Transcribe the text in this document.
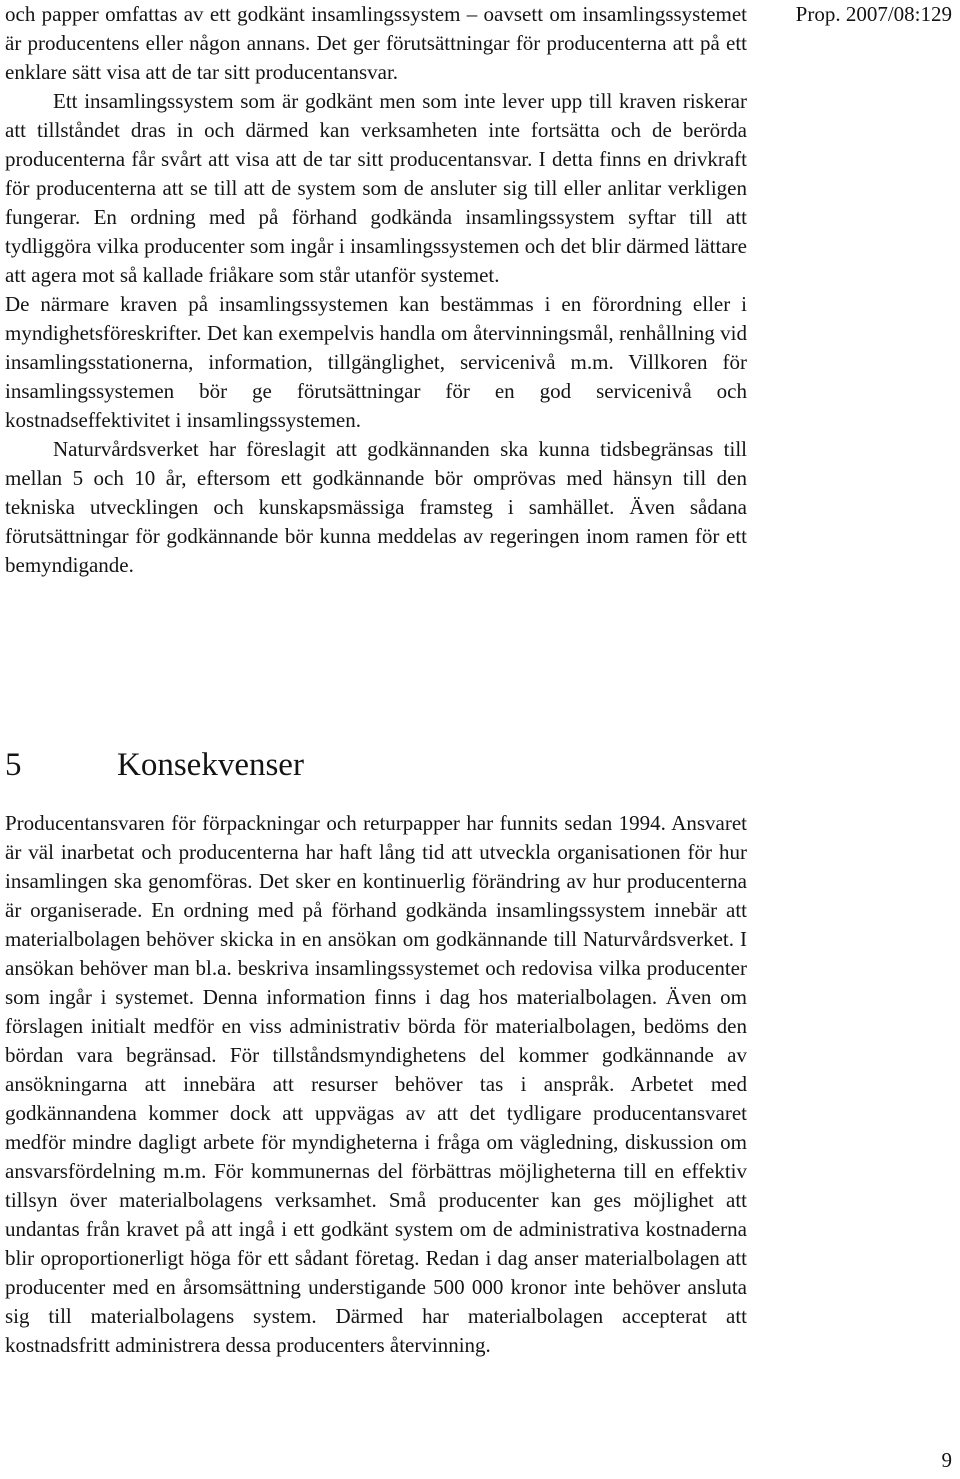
Prop. 2007/08:129

och papper omfattas av ett godkänt insamlingssystem – oavsett om insamlingssystemet är producentens eller någon annans. Det ger förutsättningar för producenterna att på ett enklare sätt visa att de tar sitt producentansvar.

Ett insamlingssystem som är godkänt men som inte lever upp till kraven riskerar att tillståndet dras in och därmed kan verksamheten inte fortsätta och de berörda producenterna får svårt att visa att de tar sitt producentansvar. I detta finns en drivkraft för producenterna att se till att de system som de ansluter sig till eller anlitar verkligen fungerar. En ordning med på förhand godkända insamlingssystem syftar till att tydliggöra vilka producenter som ingår i insamlingssystemen och det blir därmed lättare att agera mot så kallade friåkare som står utanför systemet.

De närmare kraven på insamlingssystemen kan bestämmas i en förordning eller i myndighetsföreskrifter. Det kan exempelvis handla om återvinningsmål, renhållning vid insamlingsstationerna, information, tillgänglighet, servicenivå m.m. Villkoren för insamlingssystemen bör ge förutsättningar för en god servicenivå och kostnadseffektivitet i insamlingssystemen.

Naturvårdsverket har föreslagit att godkännanden ska kunna tidsbegränsas till mellan 5 och 10 år, eftersom ett godkännande bör omprövas med hänsyn till den tekniska utvecklingen och kunskapsmässiga framsteg i samhället. Även sådana förutsättningar för godkännande bör kunna meddelas av regeringen inom ramen för ett bemyndigande.

5	Konsekvenser

Producentansvaren för förpackningar och returpapper har funnits sedan 1994. Ansvaret är väl inarbetat och producenterna har haft lång tid att utveckla organisationen för hur insamlingen ska genomföras. Det sker en kontinuerlig förändring av hur producenterna är organiserade. En ordning med på förhand godkända insamlingssystem innebär att materialbolagen behöver skicka in en ansökan om godkännande till Naturvårdsverket. I ansökan behöver man bl.a. beskriva insamlingssystemet och redovisa vilka producenter som ingår i systemet. Denna information finns i dag hos materialbolagen. Även om förslagen initialt medför en viss administrativ börda för materialbolagen, bedöms den bördan vara begränsad. För tillståndsmyndighetens del kommer godkännande av ansökningarna att innebära att resurser behöver tas i anspråk. Arbetet med godkännandena kommer dock att uppvägas av att det tydligare producentansvaret medför mindre dagligt arbete för myndigheterna i fråga om vägledning, diskussion om ansvarsfördelning m.m. För kommunernas del förbättras möjligheterna till en effektiv tillsyn över materialbolagens verksamhet. Små producenter kan ges möjlighet att undantas från kravet på att ingå i ett godkänt system om de administrativa kostnaderna blir oproportionerligt höga för ett sådant företag. Redan i dag anser materialbolagen att producenter med en årsomsättning understigande 500 000 kronor inte behöver ansluta sig till materialbolagens system. Därmed har materialbolagen accepterat att kostnadsfritt administrera dessa producenters återvinning.

9
